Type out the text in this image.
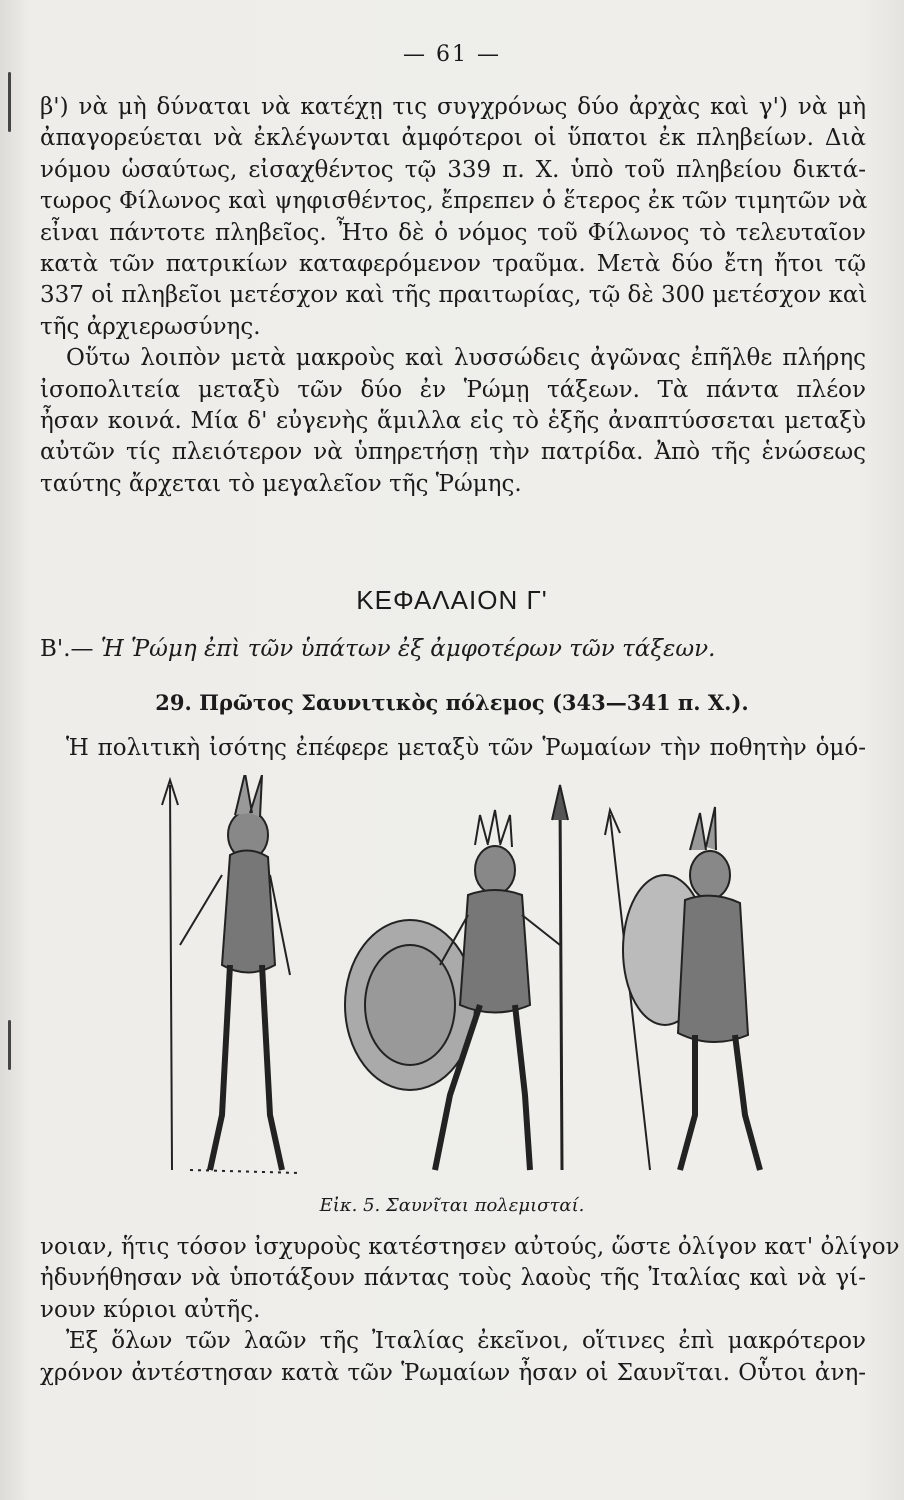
— 61 —
β') νὰ μὴ δύναται νὰ κατέχῃ τις συγχρόνως δύο ἀρχὰς καὶ γ') νὰ μὴ
ἀπαγορεύεται νὰ ἐκλέγωνται ἀμφότεροι οἱ ὕπατοι ἐκ πληβείων. Διὰ
νόμου ὡσαύτως, εἰσαχθέντος τῷ 339 π. Χ. ὑπὸ τοῦ πληβείου δικτά-
τωρος Φίλωνος καὶ ψηφισθέντος, ἔπρεπεν ὁ ἕτερος ἐκ τῶν τιμητῶν νὰ
εἶναι πάντοτε πληβεῖος. Ἦτο δὲ ὁ νόμος τοῦ Φίλωνος τὸ τελευταῖον
κατὰ τῶν πατρικίων καταφερόμενον τραῦμα. Μετὰ δύο ἔτη ἤτοι τῷ
337 οἱ πληβεῖοι μετέσχον καὶ τῆς πραιτωρίας, τῷ δὲ 300 μετέσχον καὶ
τῆς ἀρχιερωσύνης.
Οὕτω λοιπὸν μετὰ μακροὺς καὶ λυσσώδεις ἀγῶνας ἐπῆλθε πλήρης
ἰσοπολιτεία μεταξὺ τῶν δύο ἐν Ῥώμῃ τάξεων. Τὰ πάντα πλέον
ἦσαν κοινά. Μία δ' εὐγενὴς ἅμιλλα εἰς τὸ ἑξῆς ἀναπτύσσεται μεταξὺ
αὐτῶν τίς πλειότερον νὰ ὑπηρετήσῃ τὴν πατρίδα. Ἀπὸ τῆς ἑνώσεως
ταύτης ἄρχεται τὸ μεγαλεῖον τῆς Ῥώμης.
ΚΕΦΑΛΑΙΟΝ Γ'
Β'.— Ἡ Ῥώμη ἐπὶ τῶν ὑπάτων ἐξ ἀμφοτέρων τῶν τάξεων.
29. Πρῶτος Σαυνιτικὸς πόλεμος (343—341 π. Χ.).
Ἡ πολιτικὴ ἰσότης ἐπέφερε μεταξὺ τῶν Ῥωμαίων τὴν ποθητὴν ὁμό-
Εἰκ. 5. Σαυνῖται πολεμισταί.
νοιαν, ἥτις τόσον ἰσχυροὺς κατέστησεν αὐτούς, ὥστε ὀλίγον κατ' ὀλίγον
ἠδυνήθησαν νὰ ὑποτάξουν πάντας τοὺς λαοὺς τῆς Ἰταλίας καὶ νὰ γί-
νουν κύριοι αὐτῆς.
Ἐξ ὅλων τῶν λαῶν τῆς Ἰταλίας ἐκεῖνοι, οἵτινες ἐπὶ μακρότερον
χρόνον ἀντέστησαν κατὰ τῶν Ῥωμαίων ἦσαν οἱ Σαυνῖται. Οὗτοι ἀνη-
